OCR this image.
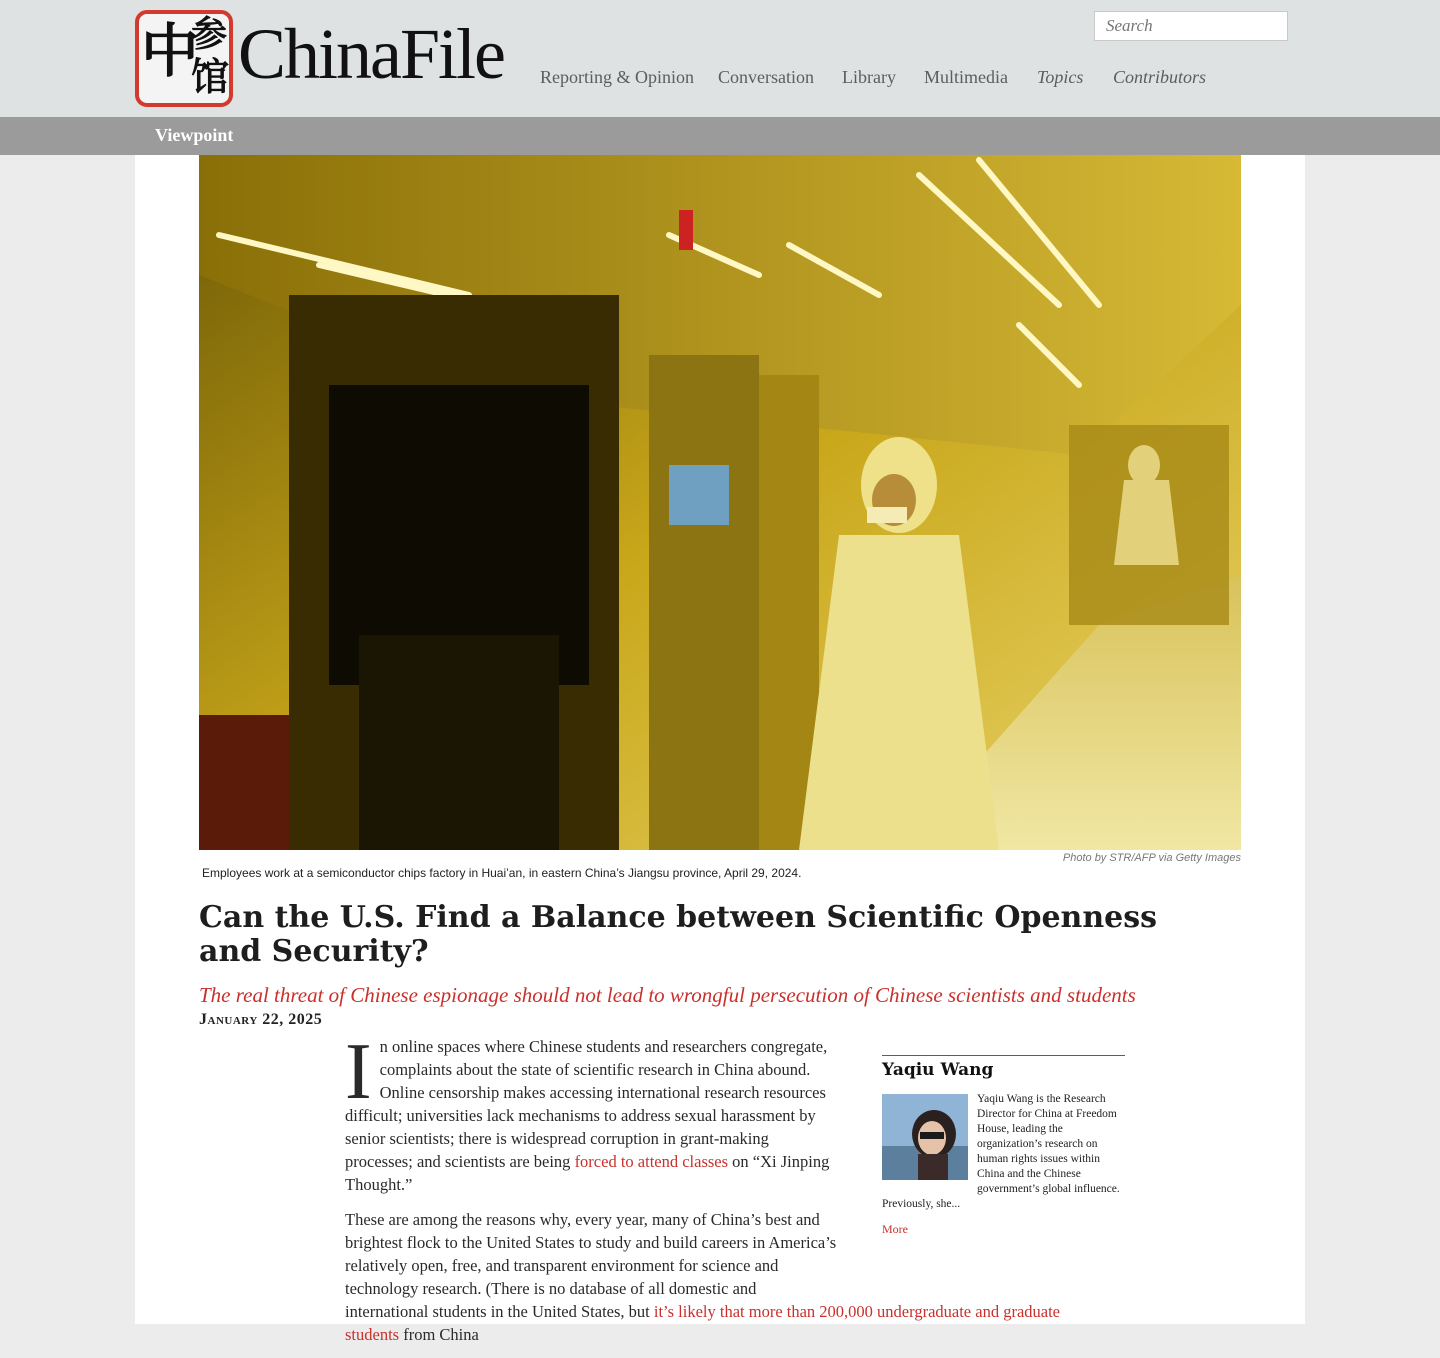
中
参
馆 ChinaFile
Search Reporting & Opinion Conversation Library Multimedia Topics Contributors
Viewpoint
Photo by STR/AFP via Getty Images
Employees work at a semiconductor chips factory in Huai’an, in eastern China’s Jiangsu province, April 29, 2024.
Can the U.S. Find a Balance between Scientific Openness and Security?
The real threat of Chinese espionage should not lead to wrongful persecution of Chinese scientists and students
January 22, 2025

In online spaces where Chinese students and researchers congregate, complaints about the state of scientific research in China abound. Online censorship makes accessing international research resources difficult; universities lack mechanisms to address sexual harassment by senior scientists; there is widespread corruption in grant-making processes; and scientists are being forced to attend classes on “Xi Jinping Thought.”

These are among the reasons why, every year, many of China’s best and brightest flock to the United States to study and build careers in America’s relatively open, free, and transparent environment for science and technology research. (There is no database of all domestic and international students in the United States, but it’s likely that more than 200,000 undergraduate and graduate students from China

Yaqiu Wang
Yaqiu Wang is the Research Director for China at Freedom House, leading the organization’s research on human rights issues within China and the Chinese government’s global influence. Previously, she...
More
